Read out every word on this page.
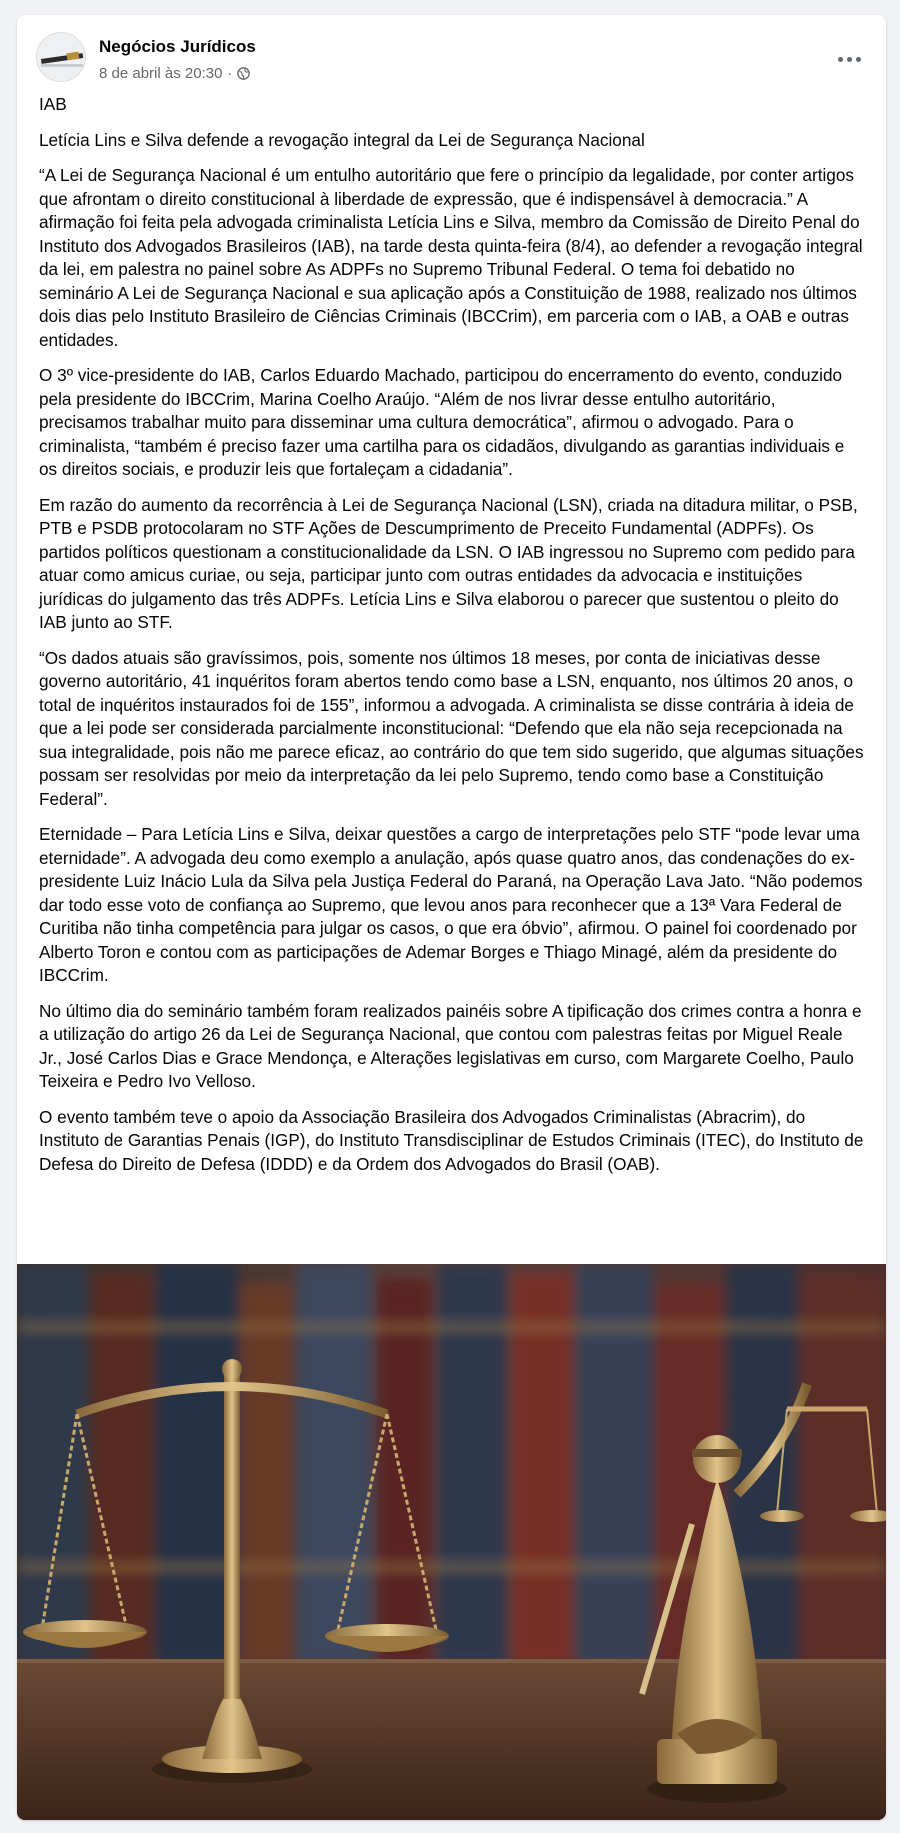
Negócios Jurídicos
8 de abril às 20:30 ·

IAB

Letícia Lins e Silva defende a revogação integral da Lei de Segurança Nacional

“A Lei de Segurança Nacional é um entulho autoritário que fere o princípio da legalidade, por conter artigos que afrontam o direito constitucional à liberdade de expressão, que é indispensável à democracia.” A afirmação foi feita pela advogada criminalista Letícia Lins e Silva, membro da Comissão de Direito Penal do Instituto dos Advogados Brasileiros (IAB), na tarde desta quinta-feira (8/4), ao defender a revogação integral da lei, em palestra no painel sobre As ADPFs no Supremo Tribunal Federal. O tema foi debatido no seminário A Lei de Segurança Nacional e sua aplicação após a Constituição de 1988, realizado nos últimos dois dias pelo Instituto Brasileiro de Ciências Criminais (IBCCrim), em parceria com o IAB, a OAB e outras entidades.

O 3º vice-presidente do IAB, Carlos Eduardo Machado, participou do encerramento do evento, conduzido pela presidente do IBCCrim, Marina Coelho Araújo. “Além de nos livrar desse entulho autoritário, precisamos trabalhar muito para disseminar uma cultura democrática”, afirmou o advogado. Para o criminalista, “também é preciso fazer uma cartilha para os cidadãos, divulgando as garantias individuais e os direitos sociais, e produzir leis que fortaleçam a cidadania”.

Em razão do aumento da recorrência à Lei de Segurança Nacional (LSN), criada na ditadura militar, o PSB, PTB e PSDB protocolaram no STF Ações de Descumprimento de Preceito Fundamental (ADPFs). Os partidos políticos questionam a constitucionalidade da LSN. O IAB ingressou no Supremo com pedido para atuar como amicus curiae, ou seja, participar junto com outras entidades da advocacia e instituições jurídicas do julgamento das três ADPFs. Letícia Lins e Silva elaborou o parecer que sustentou o pleito do IAB junto ao STF.

“Os dados atuais são gravíssimos, pois, somente nos últimos 18 meses, por conta de iniciativas desse governo autoritário, 41 inquéritos foram abertos tendo como base a LSN, enquanto, nos últimos 20 anos, o total de inquéritos instaurados foi de 155”, informou a advogada. A criminalista se disse contrária à ideia de que a lei pode ser considerada parcialmente inconstitucional: “Defendo que ela não seja recepcionada na sua integralidade, pois não me parece eficaz, ao contrário do que tem sido sugerido, que algumas situações possam ser resolvidas por meio da interpretação da lei pelo Supremo, tendo como base a Constituição Federal”.

Eternidade – Para Letícia Lins e Silva, deixar questões a cargo de interpretações pelo STF “pode levar uma eternidade”. A advogada deu como exemplo a anulação, após quase quatro anos, das condenações do ex-presidente Luiz Inácio Lula da Silva pela Justiça Federal do Paraná, na Operação Lava Jato. “Não podemos dar todo esse voto de confiança ao Supremo, que levou anos para reconhecer que a 13ª Vara Federal de Curitiba não tinha competência para julgar os casos, o que era óbvio”, afirmou. O painel foi coordenado por Alberto Toron e contou com as participações de Ademar Borges e Thiago Minagé, além da presidente do IBCCrim.

No último dia do seminário também foram realizados painéis sobre A tipificação dos crimes contra a honra e a utilização do artigo 26 da Lei de Segurança Nacional, que contou com palestras feitas por Miguel Reale Jr., José Carlos Dias e Grace Mendonça, e Alterações legislativas em curso, com Margarete Coelho, Paulo Teixeira e Pedro Ivo Velloso.

O evento também teve o apoio da Associação Brasileira dos Advogados Criminalistas (Abracrim), do Instituto de Garantias Penais (IGP), do Instituto Transdisciplinar de Estudos Criminais (ITEC), do Instituto de Defesa do Direito de Defesa (IDDD) e da Ordem dos Advogados do Brasil (OAB).
